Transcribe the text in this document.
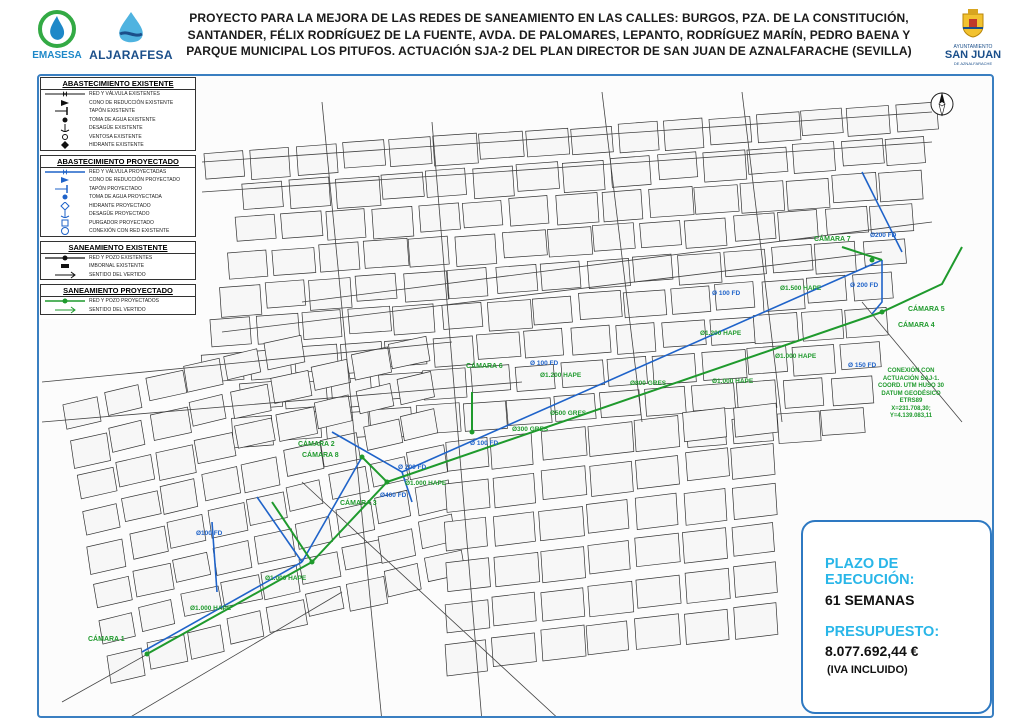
EMASESA ALJARAFESA
PROYECTO PARA LA MEJORA DE LAS REDES DE SANEAMIENTO EN LAS CALLES: BURGOS, PZA. DE LA CONSTITUCIÓN,
SANTANDER, FÉLIX RODRÍGUEZ DE LA FUENTE, AVDA. DE PALOMARES, LEPANTO, RODRÍGUEZ MARÍN, PEDRO BAENA Y
PARQUE MUNICIPAL LOS PITUFOS. ACTUACIÓN SJA-2 DEL PLAN DIRECTOR DE SAN JUAN DE AZNALFARACHE (SEVILLA)	AYUNTAMIENTO
SAN JUAN
DE AZNALFARACHE
ABASTECIMIENTO EXISTENTE
RED Y VÁLVULA EXISTENTES
CONO DE REDUCCIÓN EXISTENTE
TAPÓN EXISTENTE
TOMA DE AGUA EXISTENTE
DESAGÜE EXISTENTE
VENTOSA EXISTENTE
HIDRANTE EXISTENTE
ABASTECIMIENTO PROYECTADO
RED Y VÁLVULA PROYECTADAS
CONO DE REDUCCIÓN PROYECTADO
TAPÓN PROYECTADO
TOMA DE AGUA PROYECTADA
HIDRANTE PROYECTADO
DESAGÜE PROYECTADO
PURGADOR PROYECTADO
CONEXIÓN CON RED EXISTENTE
SANEAMIENTO EXISTENTE
RED Y POZO EXISTENTES
IMBORNAL EXISTENTE
SENTIDO DEL VERTIDO
SANEAMIENTO PROYECTADO
RED Y POZO PROYECTADOS
SENTIDO DEL VERTIDO
CÁMARA 1
CÁMARA 2
CÁMARA 3
CÁMARA 4
CÁMARA 5
CÁMARA 6
CÁMARA 7
CÁMARA 8
Ø1.500 HAPE
Ø1.200 HAPE
Ø1.000 HAPE
Ø1.000 HAPE
Ø800 GRES
Ø500 GRES
Ø300 GRES
Ø1.200 HAPE
Ø1.000 HAPE
Ø1.000 HAPE
Ø1.000 HAPE
Ø 200 FD
Ø 100 FD
Ø 100 FD	Ø 150 FD
Ø 100 FD
Ø 200 FD
Ø200 FD
Ø400 FD
Ø100 FD
CONEXIÓN CON
ACTUACIÓN SAJ-1.
COORD. UTM HUSO 30
DATUM GEODÉSICO
ETRS89
X=231.708,30;
Y=4.139.083,11
PLAZO DE
EJECUCIÓN:
61 SEMANAS
PRESUPUESTO:
8.077.692,44 €
(IVA INCLUIDO)
